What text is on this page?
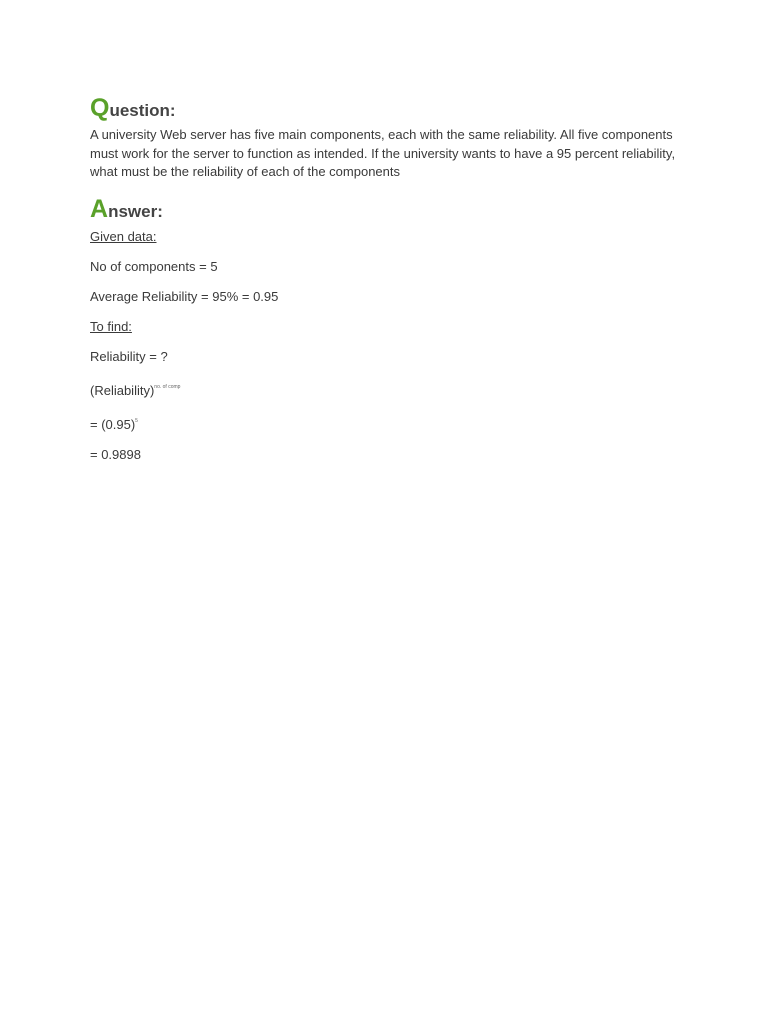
Question:

A university Web server has five main components, each with the same reliability. All five components must work for the server to function as intended. If the university wants to have a 95 percent reliability, what must be the reliability of each of the components

Answer:

Given data:

No of components = 5

Average Reliability = 95% = 0.95

To find:

Reliability = ?

(Reliability)$^{no. of comp}$

= $(0.95)^5$

= 0.9898
